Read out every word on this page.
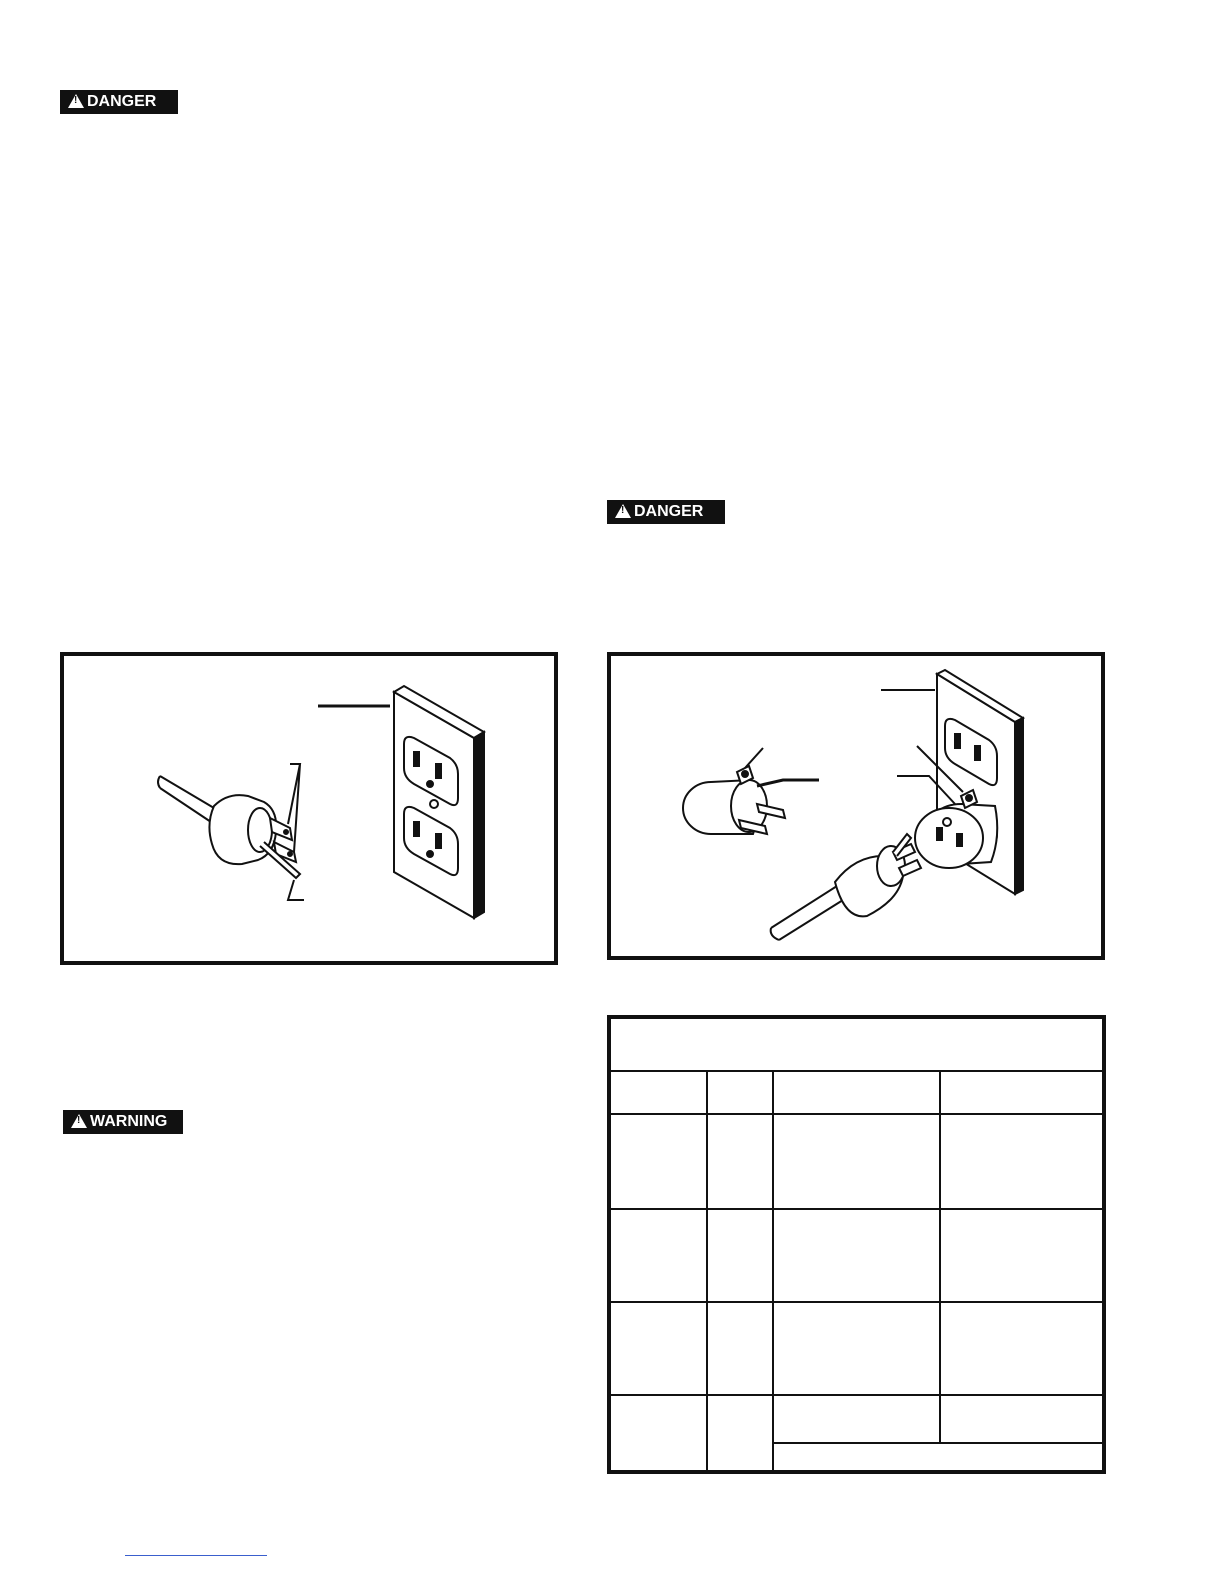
!DANGER
!DANGER
!WARNING
